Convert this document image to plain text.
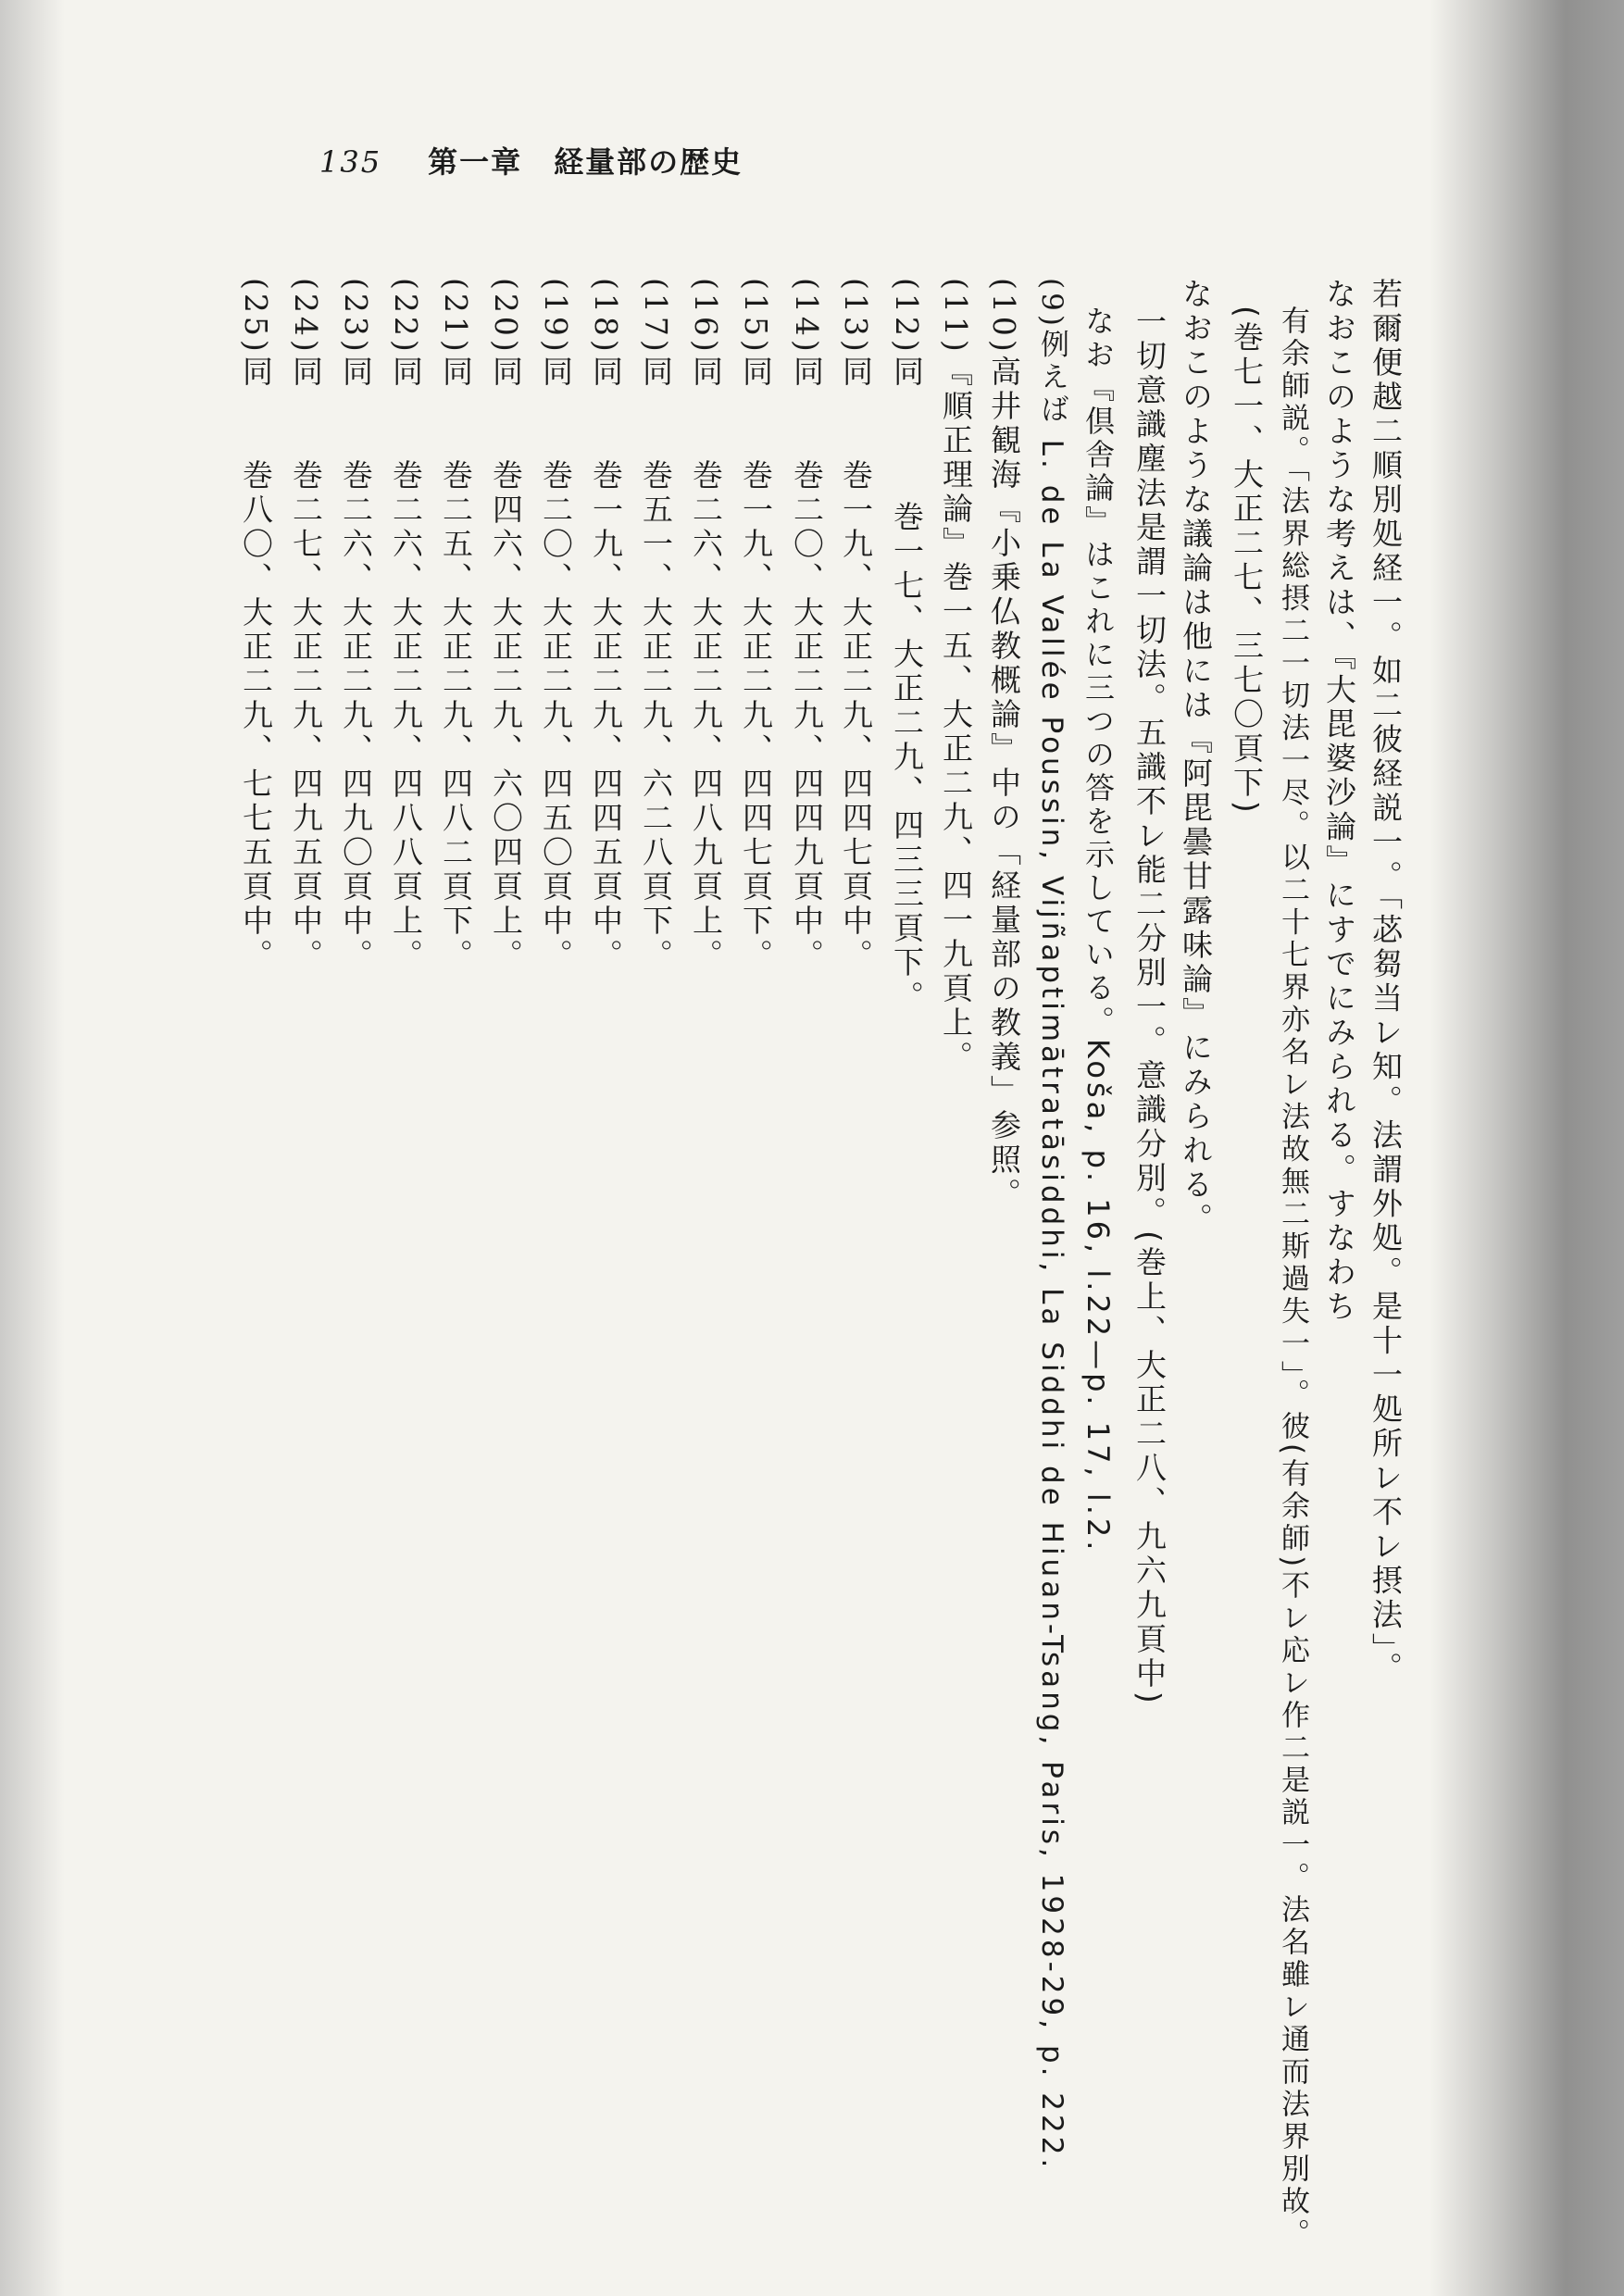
135 第一章　経量部の歴史
若爾便越二順別処経一。如二彼経説一。「苾芻当レ知。法謂外処。是十一処所レ不レ摂法」。
なおこのような考えは、『大毘婆沙論』にすでにみられる。すなわち
有余師説。「法界総摂二一切法一尽。以二十七界亦名レ法故無二斯過失一」。彼(有余師)不レ応レ作二是説一。法名雖レ通而法界別故。
(巻七一、大正二七、三七〇頁下)
なおこのような議論は他には『阿毘曇甘露味論』にみられる。
一切意識塵法是謂一切法。五識不レ能二分別一。意識分別。(巻上、大正二八、九六九頁中)
なお『倶舎論』はこれに三つの答を示している。Koša, p. 16, l.22—p. 17, l.2.
(9)例えば L. de La Vallée Poussin, Vijñaptimātratāsiddhi, La Siddhi de Hiuan-Tsang, Paris, 1928-29, p. 222.
(10)高井観海『小乗仏教概論』中の「経量部の教義」参照。
(11)『順正理論』巻一五、大正二九、四一九頁上。
(12)同巻一七、大正二九、四三三頁下。
(13)同巻一九、大正二九、四四七頁中。
(14)同巻二〇、大正二九、四四九頁中。
(15)同巻一九、大正二九、四四七頁下。
(16)同巻二六、大正二九、四八九頁上。
(17)同巻五一、大正二九、六二八頁下。
(18)同巻一九、大正二九、四四五頁中。
(19)同巻二〇、大正二九、四五〇頁中。
(20)同巻四六、大正二九、六〇四頁上。
(21)同巻二五、大正二九、四八二頁下。
(22)同巻二六、大正二九、四八八頁上。
(23)同巻二六、大正二九、四九〇頁中。
(24)同巻二七、大正二九、四九五頁中。
(25)同巻八〇、大正二九、七七五頁中。
